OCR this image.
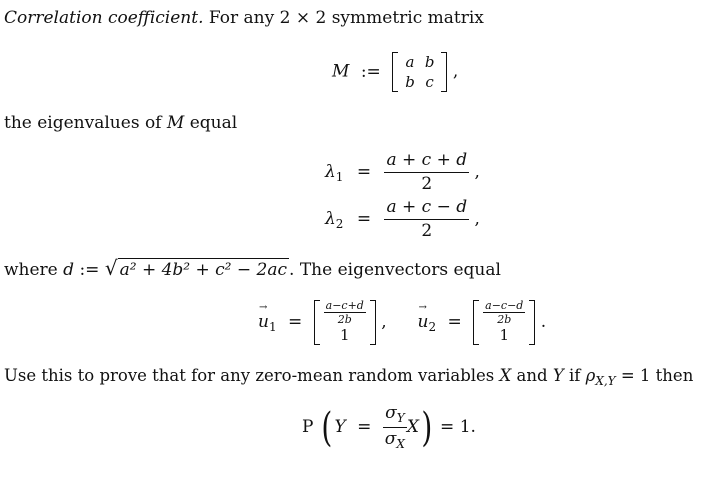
Correlation coefficient. For any 2 × 2 symmetric matrix
M := a	b
b	c
,
the eigenvalues of M equal
$\lambda_1 = \frac{a + c + d}{2}$ ,
$\lambda_2 = \frac{a + c - d}{2}$ ,
where d := √ a² + 4b² + c² − 2ac . The eigenvectors equal
→ $u_1 = \frac{a-c+d}{2b}$

1
, → $u_2 = \frac{a-c-d}{2b}$

1
.
Use this to prove that for any zero-mean random variables X and Y if $\rho_{X,Y} = 1$ then
P ( $Y = \frac{\sigma_Y}{\sigma_X} X) = 1$.
